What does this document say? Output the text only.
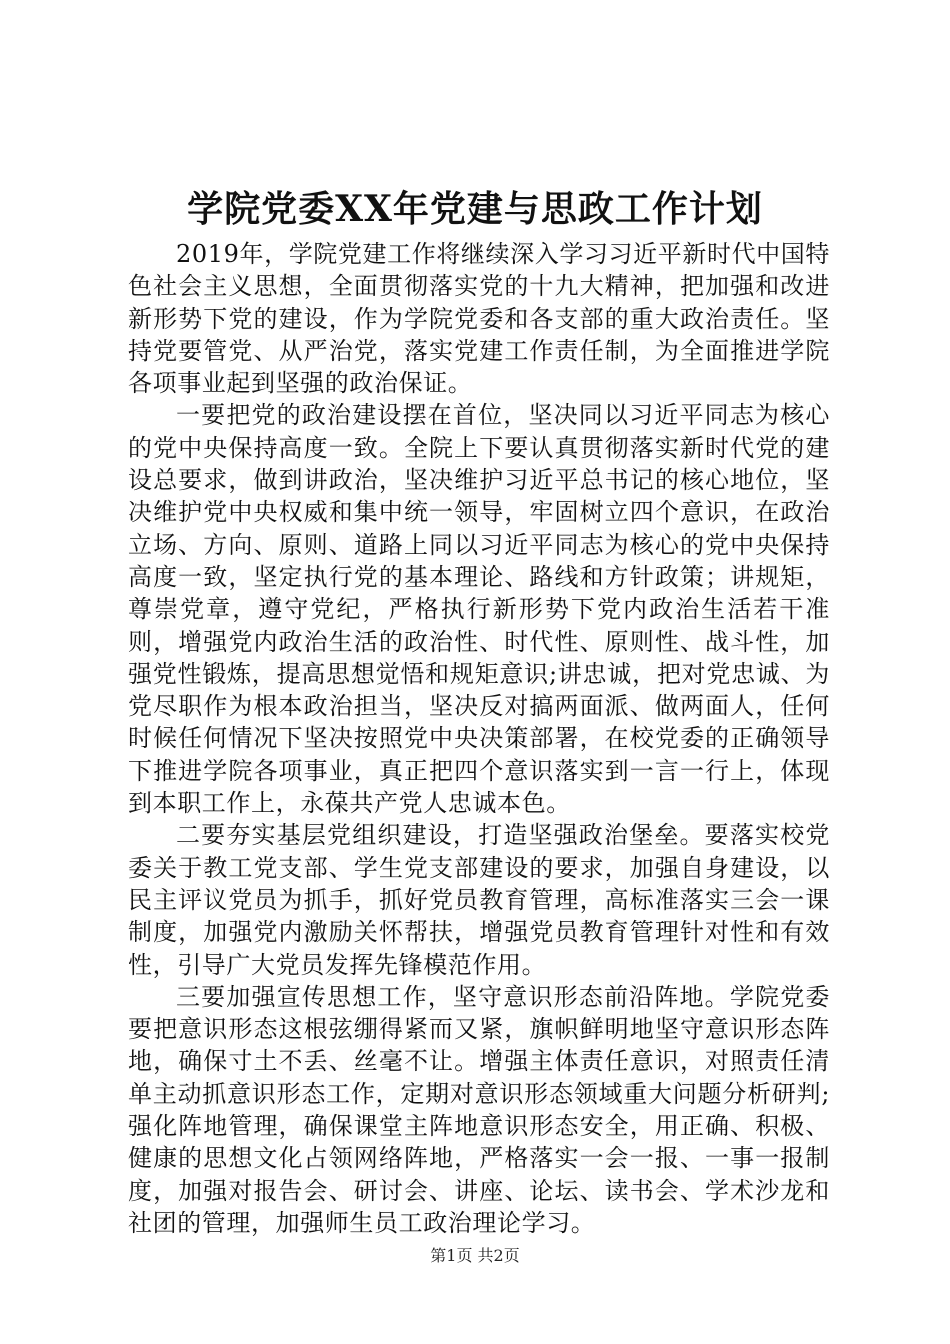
学院党委XX年党建与思政工作计划

2019年，学院党建工作将继续深入学习习近平新时代中国特色社会主义思想，全面贯彻落实党的十九大精神，把加强和改进新形势下党的建设，作为学院党委和各支部的重大政治责任。坚持党要管党、从严治党，落实党建工作责任制，为全面推进学院各项事业起到坚强的政治保证。

一要把党的政治建设摆在首位，坚决同以习近平同志为核心的党中央保持高度一致。全院上下要认真贯彻落实新时代党的建设总要求，做到讲政治，坚决维护习近平总书记的核心地位，坚决维护党中央权威和集中统一领导，牢固树立四个意识，在政治立场、方向、原则、道路上同以习近平同志为核心的党中央保持高度一致，坚定执行党的基本理论、路线和方针政策；讲规矩，尊崇党章，遵守党纪，严格执行新形势下党内政治生活若干准则，增强党内政治生活的政治性、时代性、原则性、战斗性，加强党性锻炼，提高思想觉悟和规矩意识;讲忠诚，把对党忠诚、为党尽职作为根本政治担当，坚决反对搞两面派、做两面人，任何时候任何情况下坚决按照党中央决策部署，在校党委的正确领导下推进学院各项事业，真正把四个意识落实到一言一行上，体现到本职工作上，永葆共产党人忠诚本色。

二要夯实基层党组织建设，打造坚强政治堡垒。要落实校党委关于教工党支部、学生党支部建设的要求，加强自身建设，以民主评议党员为抓手，抓好党员教育管理，高标准落实三会一课制度，加强党内激励关怀帮扶，增强党员教育管理针对性和有效性，引导广大党员发挥先锋模范作用。

三要加强宣传思想工作，坚守意识形态前沿阵地。学院党委要把意识形态这根弦绷得紧而又紧，旗帜鲜明地坚守意识形态阵地，确保寸土不丢、丝毫不让。增强主体责任意识，对照责任清单主动抓意识形态工作，定期对意识形态领域重大问题分析研判;强化阵地管理，确保课堂主阵地意识形态安全，用正确、积极、健康的思想文化占领网络阵地，严格落实一会一报、一事一报制度，加强对报告会、研讨会、讲座、论坛、读书会、学术沙龙和社团的管理，加强师生员工政治理论学习。

第1页 共2页
